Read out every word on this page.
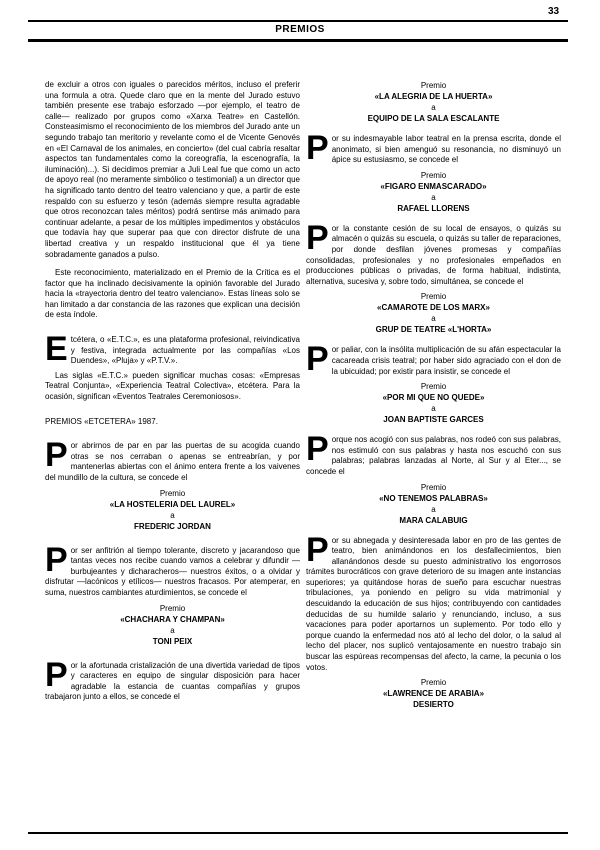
33
PREMIOS

de excluir a otros con iguales o parecidos méritos, incluso el preferir una formula a otra. Quede claro que en la mente del Jurado estuvo también presente ese trabajo esforzado —por ejemplo, el teatro de calle— realizado por grupos como «Xarxa Teatre» en Castellón. Consteasimismo el reconocimiento de los miembros del Jurado ante un segundo trabajo tan meritorio y revelante como el de Vicente Genovés en «El Carnaval de los animales, en concierto» (del cual cabría resaltar aspectos tan fundamentales como la coreografía, la escenografía, la iluminación)...). Si decidimos premiar a Juli Leal fue que como un acto de apoyo real (no meramente simbólico o testimonial) a un director que ha significado tanto dentro del teatro valenciano y que, a partir de este respaldo con su esfuerzo y tesón (además siempre resulta agradable que otros reconozcan tales méritos) podrá sentirse más animado para continuar adelante, a pesar de los múltiples impedimentos y obstáculos que todavía hay que superar paa que con director disfrute de una libertad creativa y un respaldo institucional que él ya tiene sobradamente ganados a pulso.

Este reconocimiento, materializado en el Premio de la Crítica es el factor que ha inclinado decisivamente la opinión favorable del Jurado hacia la «trayectoria dentro del teatro valenciano». Estas líneas solo se han limitado a dar constancia de las razones que explican una decisión de esta índole.

Etcétera, o «E.T.C.», es una plataforma profesional, reivindicativa y festiva, integrada actualmente por las compañías «Los Duendes», «Pluja» y «P.T.V.».

Las siglas «E.T.C.» pueden significar muchas cosas: «Empresas Teatral Conjunta», «Experiencia Teatral Colectiva», etcétera. Para la ocasión, significan «Eventos Teatrales Ceremoniosos».

PREMIOS «ETCETERA» 1987.

Por abrirnos de par en par las puertas de su acogida cuando otras se nos cerraban o apenas se entreabrían, y por mantenerlas abiertas con el ánimo entera frente a los vaivenes del mundillo de la cultura, se concede el

Premio
«LA HOSTELERIA DEL LAUREL»
a
FREDERIC JORDAN

Por ser anfitrión al tiempo tolerante, discreto y jacarandoso que tantas veces nos recibe cuando vamos a celebrar y difundir —burbujeantes y dicharacheros— nuestros éxitos, o a olvidar y disfrutar —lacónicos y etílicos— nuestros fracasos. Por atemperar, en suma, nuestros cambiantes aturdimientos, se concede el

Premio
«CHACHARA Y CHAMPAN»
a
TONI PEIX

Por la afortunada cristalización de una divertida variedad de tipos y caracteres en equipo de singular disposición para hacer agradable la estancia de cuantas compañías y grupos trabajaron junto a ellos, se concede el

Premio
«LA ALEGRIA DE LA HUERTA»
a
EQUIPO DE LA SALA ESCALANTE

Por su indesmayable labor teatral en la prensa escrita, donde el anonimato, si bien amenguó su resonancia, no disminuyó un ápice su estusiasmo, se concede el

Premio
«FIGARO ENMASCARADO»
a
RAFAEL LLORENS

Por la constante cesión de su local de ensayos, o quizás su almacén o quizás su escuela, o quizás su taller de reparaciones, por donde desfilan jóvenes promesas y compañías consolidadas, profesionales y no profesionales empeñados en producciones públicas o privadas, de forma habitual, indistinta, alternativa, sucesiva y, sobre todo, simultánea, se concede el

Premio
«CAMAROTE DE LOS MARX»
a
GRUP DE TEATRE «L'HORTA»

Por paliar, con la insólita multiplicación de su afán espectacular la cacareada crisis teatral; por haber sido agraciado con el don de la ubicuidad; por existir para insistir, se concede el

Premio
«POR MI QUE NO QUEDE»
a
JOAN BAPTISTE GARCES

Porque nos acogió con sus palabras, nos rodeó con sus palabras, nos estimuló con sus palabras y hasta nos escuchó con sus palabras; palabras lanzadas al Norte, al Sur y al Eter..., se concede el

Premio
«NO TENEMOS PALABRAS»
a
MARA CALABUIG

Por su abnegada y desinteresada labor en pro de las gentes de teatro, bien animándonos en los desfallecimientos, bien allanándonos desde su puesto administrativo los engorrosos trámites burocráticos con grave deterioro de su imagen ante instancias superiores; ya quitándose horas de sueño para escuchar nuestras tribulaciones, ya poniendo en peligro su vida matrimonial y descuidando la educación de sus hijos; contribuyendo con cantidades deducidas de su humilde salario y renunciando, incluso, a sus vacaciones para poder aportarnos un suplemento. Por todo ello y porque cuando la enfermedad nos ató al lecho del dolor, o la salud al lecho del placer, nos suplicó ventajosamente en nuestro trabajo sin buscar las espúreas recompensas del afecto, la carne, la pecunia o los votos.

Premio
«LAWRENCE DE ARABIA»
DESIERTO
